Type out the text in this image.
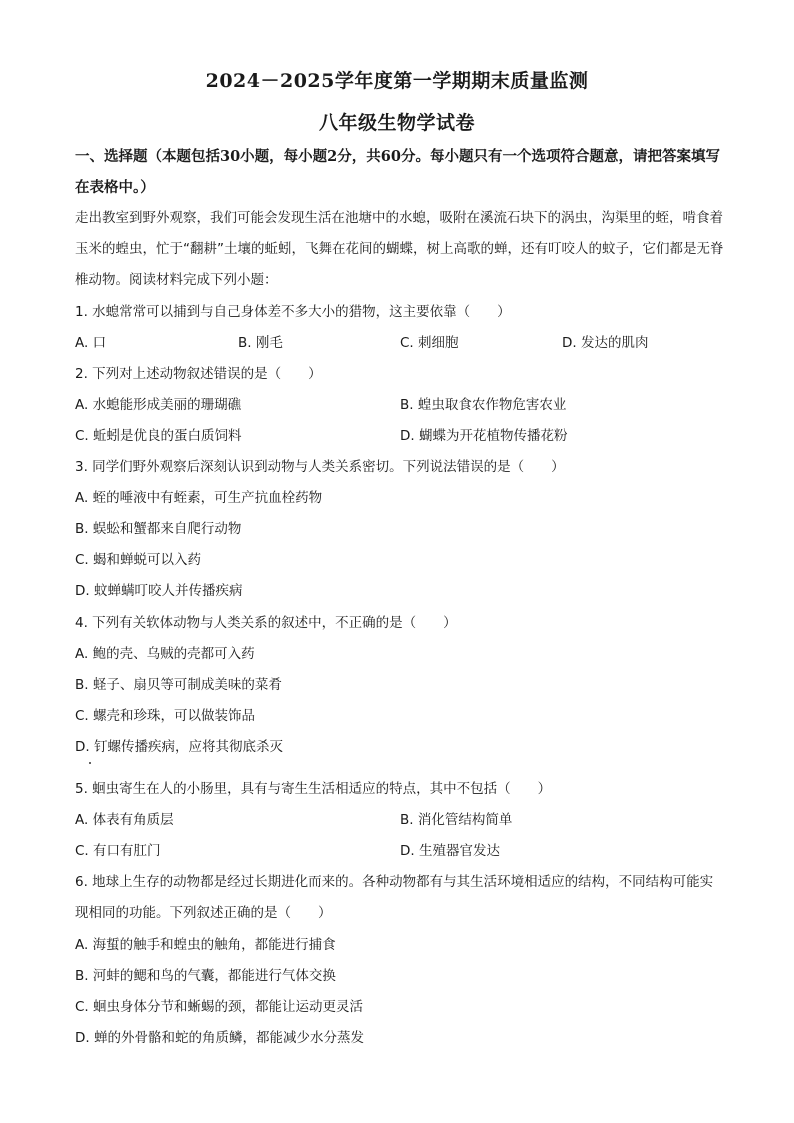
2024－2025学年度第一学期期末质量监测
八年级生物学试卷
一、选择题（本题包括30小题，每小题2分，共60分。每小题只有一个选项符合题意，请把答案填写在表格中。）
走出教室到野外观察，我们可能会发现生活在池塘中的水螅，吸附在溪流石块下的涡虫，沟渠里的蛭，啃食着玉米的蝗虫，忙于“翻耕”土壤的蚯蚓，飞舞在花间的蝴蝶，树上高歌的蝉，还有叮咬人的蚊子，它们都是无脊椎动物。阅读材料完成下列小题：
1. 水螅常常可以捕到与自己身体差不多大小的猎物，这主要依靠（　　）
A. 口	B. 刚毛	C. 刺细胞	D. 发达的肌肉
2. 下列对上述动物叙述错误的是（　　）
A. 水螅能形成美丽的珊瑚礁	B. 蝗虫取食农作物危害农业
C. 蚯蚓是优良的蛋白质饲料	D. 蝴蝶为开花植物传播花粉
3. 同学们野外观察后深刻认识到动物与人类关系密切。下列说法错误的是（　　）
A. 蛭的唾液中有蛭素，可生产抗血栓药物
B. 蜈蚣和蟹都来自爬行动物
C. 蝎和蝉蜕可以入药
D. 蚊蝉螨叮咬人并传播疾病
4. 下列有关软体动物与人类关系的叙述中，不正确的是（　　）
A. 鲍的壳、乌贼的壳都可入药
B. 蛏子、扇贝等可制成美味的菜肴
C. 螺壳和珍珠，可以做装饰品
D. 钉螺传播疾病，应将其彻底杀灭
5. 蛔虫寄生在人的小肠里，具有与寄生生活相适应的特点，其中不包括（　　）
A. 体表有角质层	B. 消化管结构简单
C. 有口有肛门	D. 生殖器官发达
6. 地球上生存的动物都是经过长期进化而来的。各种动物都有与其生活环境相适应的结构，不同结构可能实现相同的功能。下列叙述正确的是（　　）
A. 海蜇的触手和蝗虫的触角，都能进行捕食
B. 河蚌的鳃和鸟的气囊，都能进行气体交换
C. 蛔虫身体分节和蜥蜴的颈，都能让运动更灵活
D. 蝉的外骨骼和蛇的角质鳞，都能减少水分蒸发
